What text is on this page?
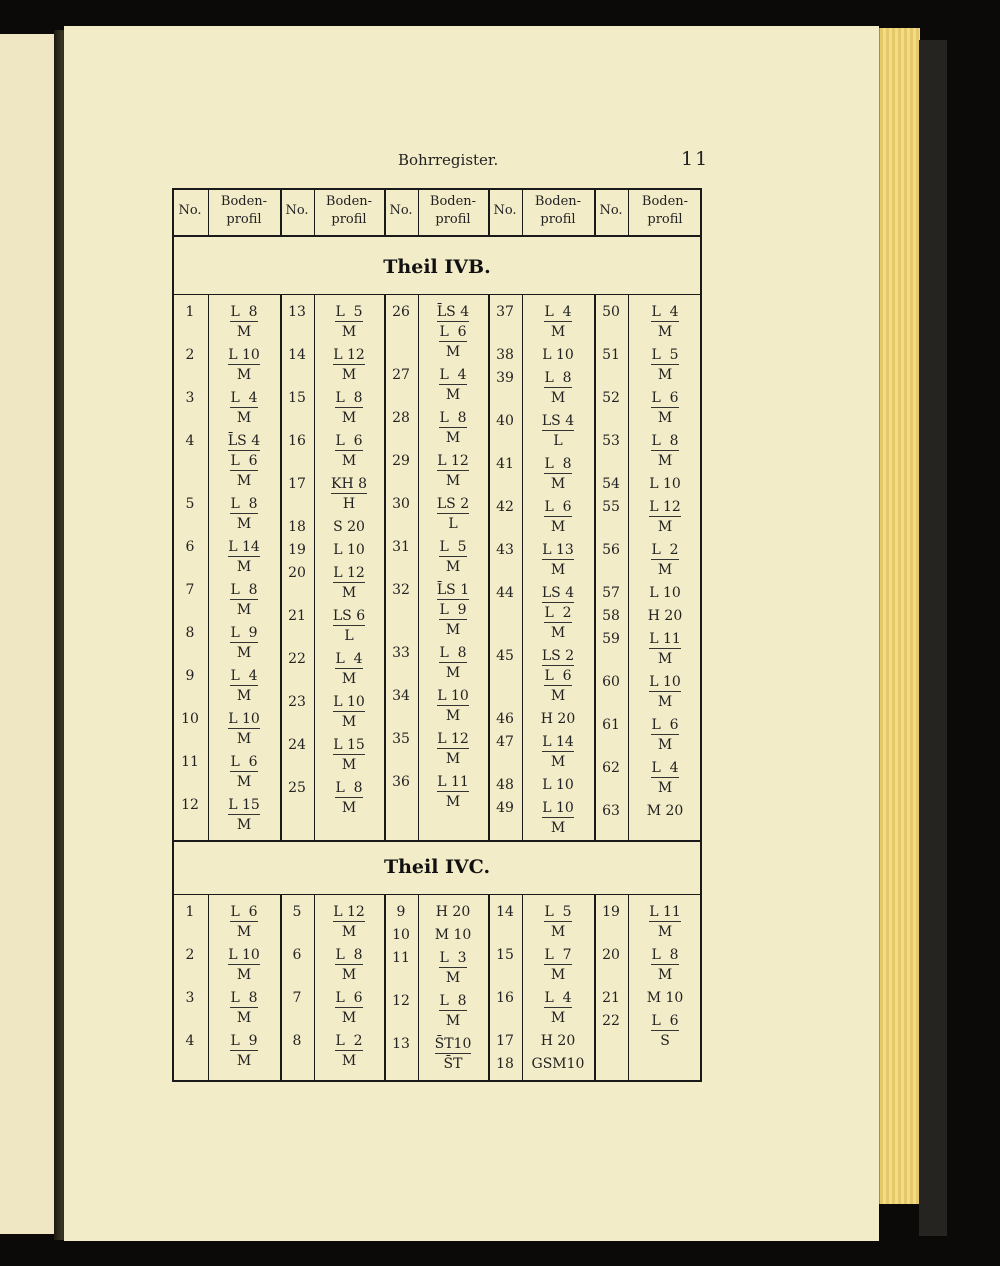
Bohrregister.	11
No.
Boden-
profil
No.
Boden-
profil
No.
Boden-
profil
No.
Boden-
profil
No.
Boden-
profil
Theil IVB.
Theil IVC.
1	L  8
M
2	L 10
M
3	L  4
M
4	L̄S 4
L  6
M
5	L  8
M
6	L 14
M
7	L  8
M
8	L  9
M
9	L  4
M
10	L 10
M
11	L  6
M
12	L 15
M
13	L  5
M
14	L 12
M
15	L  8
M
16	L  6
M
17	KH 8
H
18	S 20
19	L 10
20	L 12
M
21	LS 6
L
22	L  4
M
23	L 10
M
24	L 15
M
25	L  8
M
26	L̄S 4
L  6
M
27	L  4
M
28	L  8
M
29	L 12
M
30	LS 2
L
31	L  5
M
32	L̄S 1
L  9
M
33	L  8
M
34	L 10
M
35	L 12
M
36	L 11
M
37	L  4
M
38	L 10
39	L  8
M
40	LS 4
L
41	L  8
M
42	L  6
M
43	L 13
M
44	LS 4
L  2
M
45	LS 2
L  6
M
46	H 20
47	L 14
M
48	L 10
49	L 10
M
50	L  4
M
51	L  5
M
52	L  6
M
53	L  8
M
54	L 10
55	L 12
M
56	L  2
M
57	L 10
58	H 20
59	L 11
M
60	L 10
M
61	L  6
M
62	L  4
M
63	M 20
1	L  6
M
2	L 10
M
3	L  8
M
4	L  9
M
5	L 12
M
6	L  8
M
7	L  6
M
8	L  2
M
9	H 20
10	M 10
11	L  3
M
12	L  8
M
13	S̄T10
S̄T
14	L  5
M
15	L  7
M
16	L  4
M
17	H 20
18	GSM10
19	L 11
M
20	L  8
M
21	M 10
22	L  6
S
